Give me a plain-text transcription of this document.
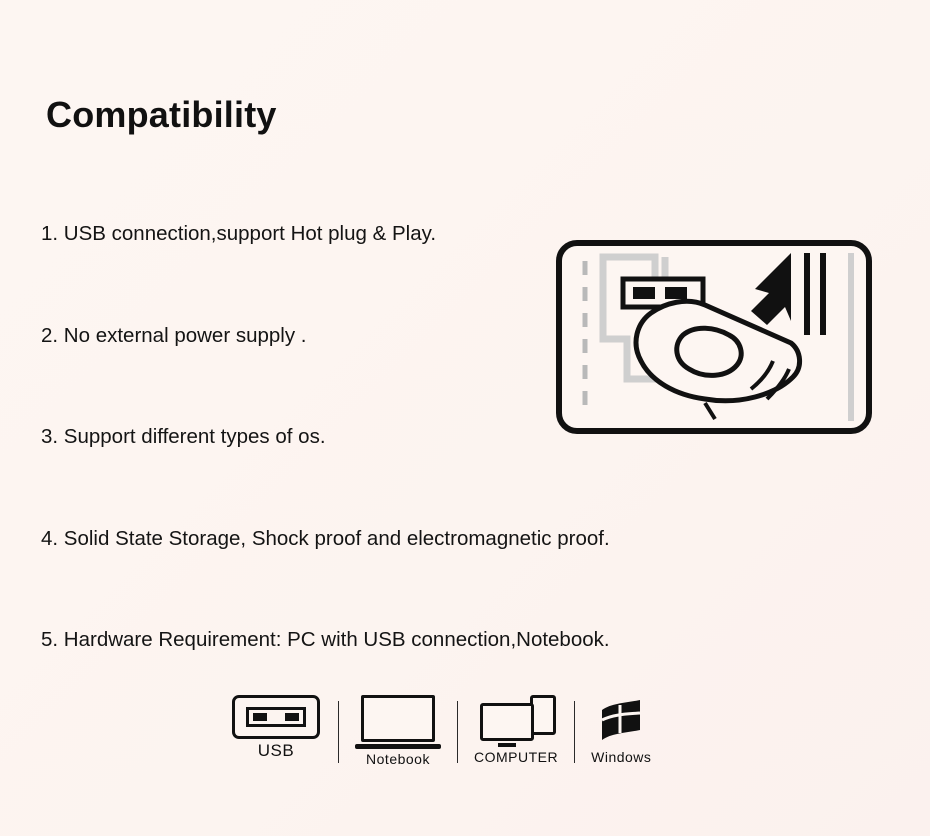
Compatibility
1. USB connection,support Hot plug & Play.
2. No external power supply .
3. Support different types of os.
4. Solid State Storage, Shock proof and electromagnetic proof.
5. Hardware Requirement: PC with USB connection,Notebook.
USB	Notebook	COMPUTER Windows
